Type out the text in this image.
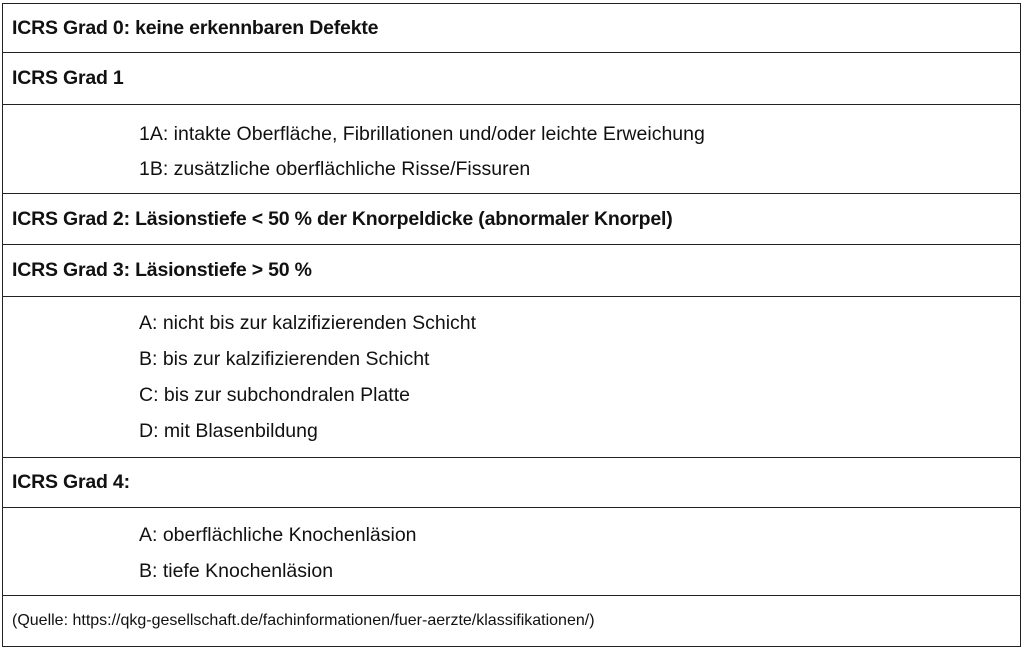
ICRS Grad 0: keine erkennbaren Defekte
ICRS Grad 1
1A: intakte Oberfläche, Fibrillationen und/oder leichte Erweichung
1B: zusätzliche oberflächliche Risse/Fissuren
ICRS Grad 2: Läsionstiefe < 50 % der Knorpeldicke (abnormaler Knorpel)
ICRS Grad 3: Läsionstiefe > 50 %
A: nicht bis zur kalzifizierenden Schicht
B: bis zur kalzifizierenden Schicht
C: bis zur subchondralen Platte
D: mit Blasenbildung
ICRS Grad 4:
A: oberflächliche Knochenläsion
B: tiefe Knochenläsion
(Quelle: https://qkg-gesellschaft.de/fachinformationen/fuer-aerzte/klassifikationen/)
